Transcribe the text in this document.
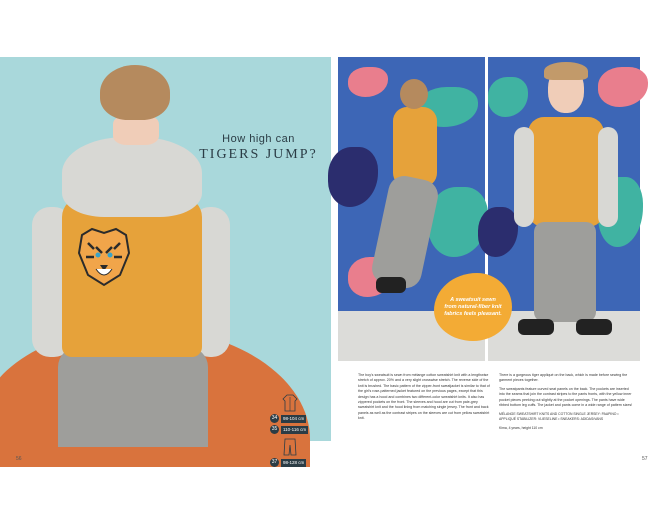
34	98-104 cm
35	110-116 cm
37	98-128 cm
How high can
TIGERS JUMP?
56
A sweatsuit sewn from natural-fiber knit fabrics feels pleasant.

The boy's sweatsuit is sewn from mélange cotton sweatshirt knit with a lengthwise stretch of approx. 20% and a very slight crosswise stretch. The reverse side of the knit is brushed. The basic pattern of the zipper-front sweatjacket is similar to that of the girl's rose-patterned jacket featured on the previous pages, except that this design has a hood and combines two different-color sweatshirt knits. It also has zippered pockets on the front. The sleeves and hood are cut from pale-grey sweatshirt knit and the hood lining from matching single jersey. The front and back panels as well as the contrast stripes on the sleeves are cut from yellow sweatshirt knit.

There is a gorgeous tiger appliqué on the back, which is made before sewing the garment pieces together.

The sweatpants feature curved seat panels on the back. The pockets are inserted into the seams that join the contrast stripes to the pants fronts, with the yellow inner pocket pieces peeking out slightly at the pocket openings. The pants have wide ribbed bottom leg cuffs. The jacket and pants come in a wide range of pattern sizes!

MÉLANGE SWEATSHIRT KNITS AND COTTON SINGLE JERSEY: PAAPINO • APPLIQUÉ STABILIZER: VLIESELINE • SNEAKERS: ADIDAS/VANS
Kima, 4 years, height 110 cm
57
